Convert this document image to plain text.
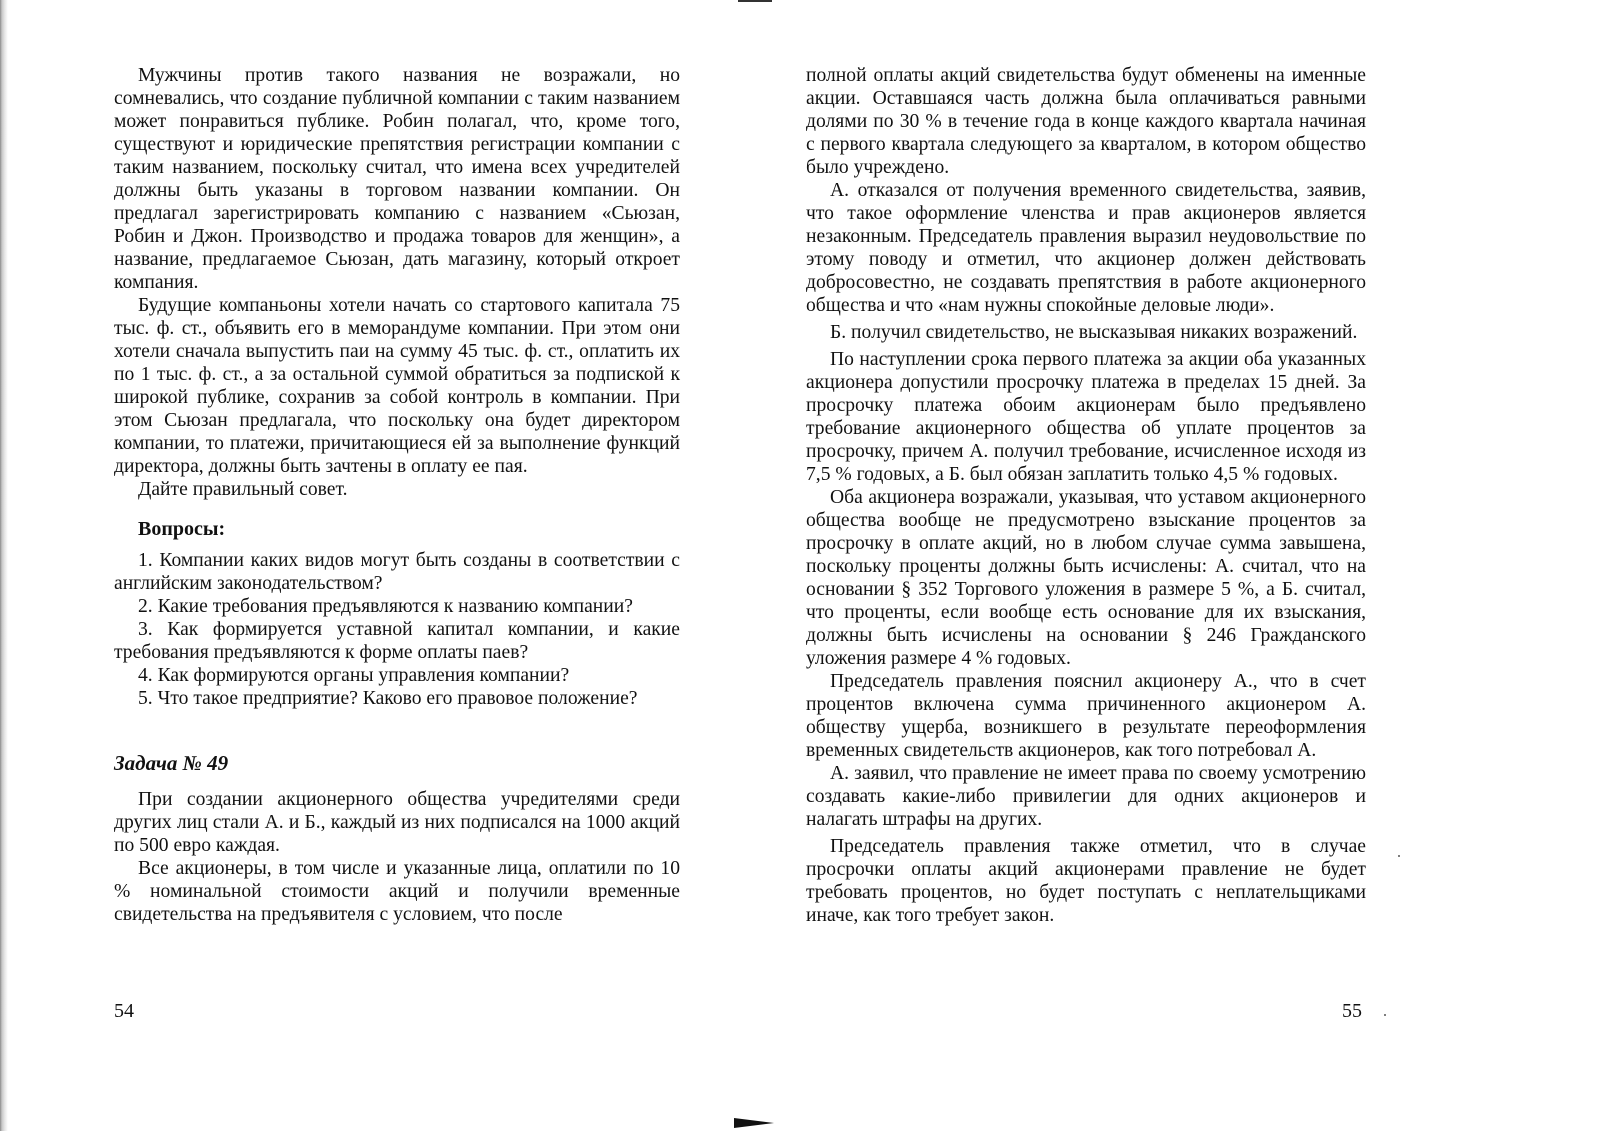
Мужчины против такого названия не возражали, но сомневались, что создание публичной компании с таким названием может понравиться публике. Робин полагал, что, кроме того, существуют и юридические препятствия регистрации компании с таким названием, поскольку считал, что имена всех учредителей должны быть указаны в торговом названии компании. Он предлагал зарегистрировать компанию с названием «Сьюзан, Робин и Джон. Производство и продажа товаров для женщин», а название, предлагаемое Сьюзан, дать магазину, который откроет компания.

Будущие компаньоны хотели начать со стартового капитала 75 тыс. ф. ст., объявить его в меморандуме компании. При этом они хотели сначала выпустить паи на сумму 45 тыс. ф. ст., оплатить их по 1 тыс. ф. ст., а за остальной суммой обратиться за подпиской к широкой публике, сохранив за собой контроль в компании. При этом Сьюзан предлагала, что поскольку она будет директором компании, то платежи, причитающиеся ей за выполнение функций директора, должны быть зачтены в оплату ее пая.

Дайте правильный совет.

Вопросы:

1. Компании каких видов могут быть созданы в соответствии с английским законодательством?

2. Какие требования предъявляются к названию компании?

3. Как формируется уставной капитал компании, и какие требования предъявляются к форме оплаты паев?

4. Как формируются органы управления компании?

5. Что такое предприятие? Каково его правовое положение?

Задача № 49

При создании акционерного общества учредителями среди других лиц стали А. и Б., каждый из них подписался на 1000 акций по 500 евро каждая.

Все акционеры, в том числе и указанные лица, оплатили по 10 % номинальной стоимости акций и получили временные свидетельства на предъявителя с условием, что после

полной оплаты акций свидетельства будут обменены на именные акции. Оставшаяся часть должна была оплачиваться равными долями по 30 % в течение года в конце каждого квартала начиная с первого квартала следующего за кварталом, в котором общество было учреждено.

А. отказался от получения временного свидетельства, заявив, что такое оформление членства и прав акционеров является незаконным. Председатель правления выразил неудовольствие по этому поводу и отметил, что акционер должен действовать добросовестно, не создавать препятствия в работе акционерного общества и что «нам нужны спокойные деловые люди».

Б. получил свидетельство, не высказывая никаких возражений.

По наступлении срока первого платежа за акции оба указанных акционера допустили просрочку платежа в пределах 15 дней. За просрочку платежа обоим акционерам было предъявлено требование акционерного общества об уплате процентов за просрочку, причем А. получил требование, исчисленное исходя из 7,5 % годовых, а Б. был обязан заплатить только 4,5 % годовых.

Оба акционера возражали, указывая, что уставом акционерного общества вообще не предусмотрено взыскание процентов за просрочку в оплате акций, но в любом случае сумма завышена, поскольку проценты должны быть исчислены: А. считал, что на основании § 352 Торгового уложения в размере 5 %, а Б. считал, что проценты, если вообще есть основание для их взыскания, должны быть исчислены на основании § 246 Гражданского уложения размере 4 % годовых.

Председатель правления пояснил акционеру А., что в счет процентов включена сумма причиненного акционером А. обществу ущерба, возникшего в результате переоформления временных свидетельств акционеров, как того потребовал А.

А. заявил, что правление не имеет права по своему усмотрению создавать какие-либо привилегии для одних акционеров и налагать штрафы на других.

Председатель правления также отметил, что в случае просрочки оплаты акций акционерами правление не будет требовать процентов, но будет поступать с неплательщиками иначе, как того требует закон.

54	55
